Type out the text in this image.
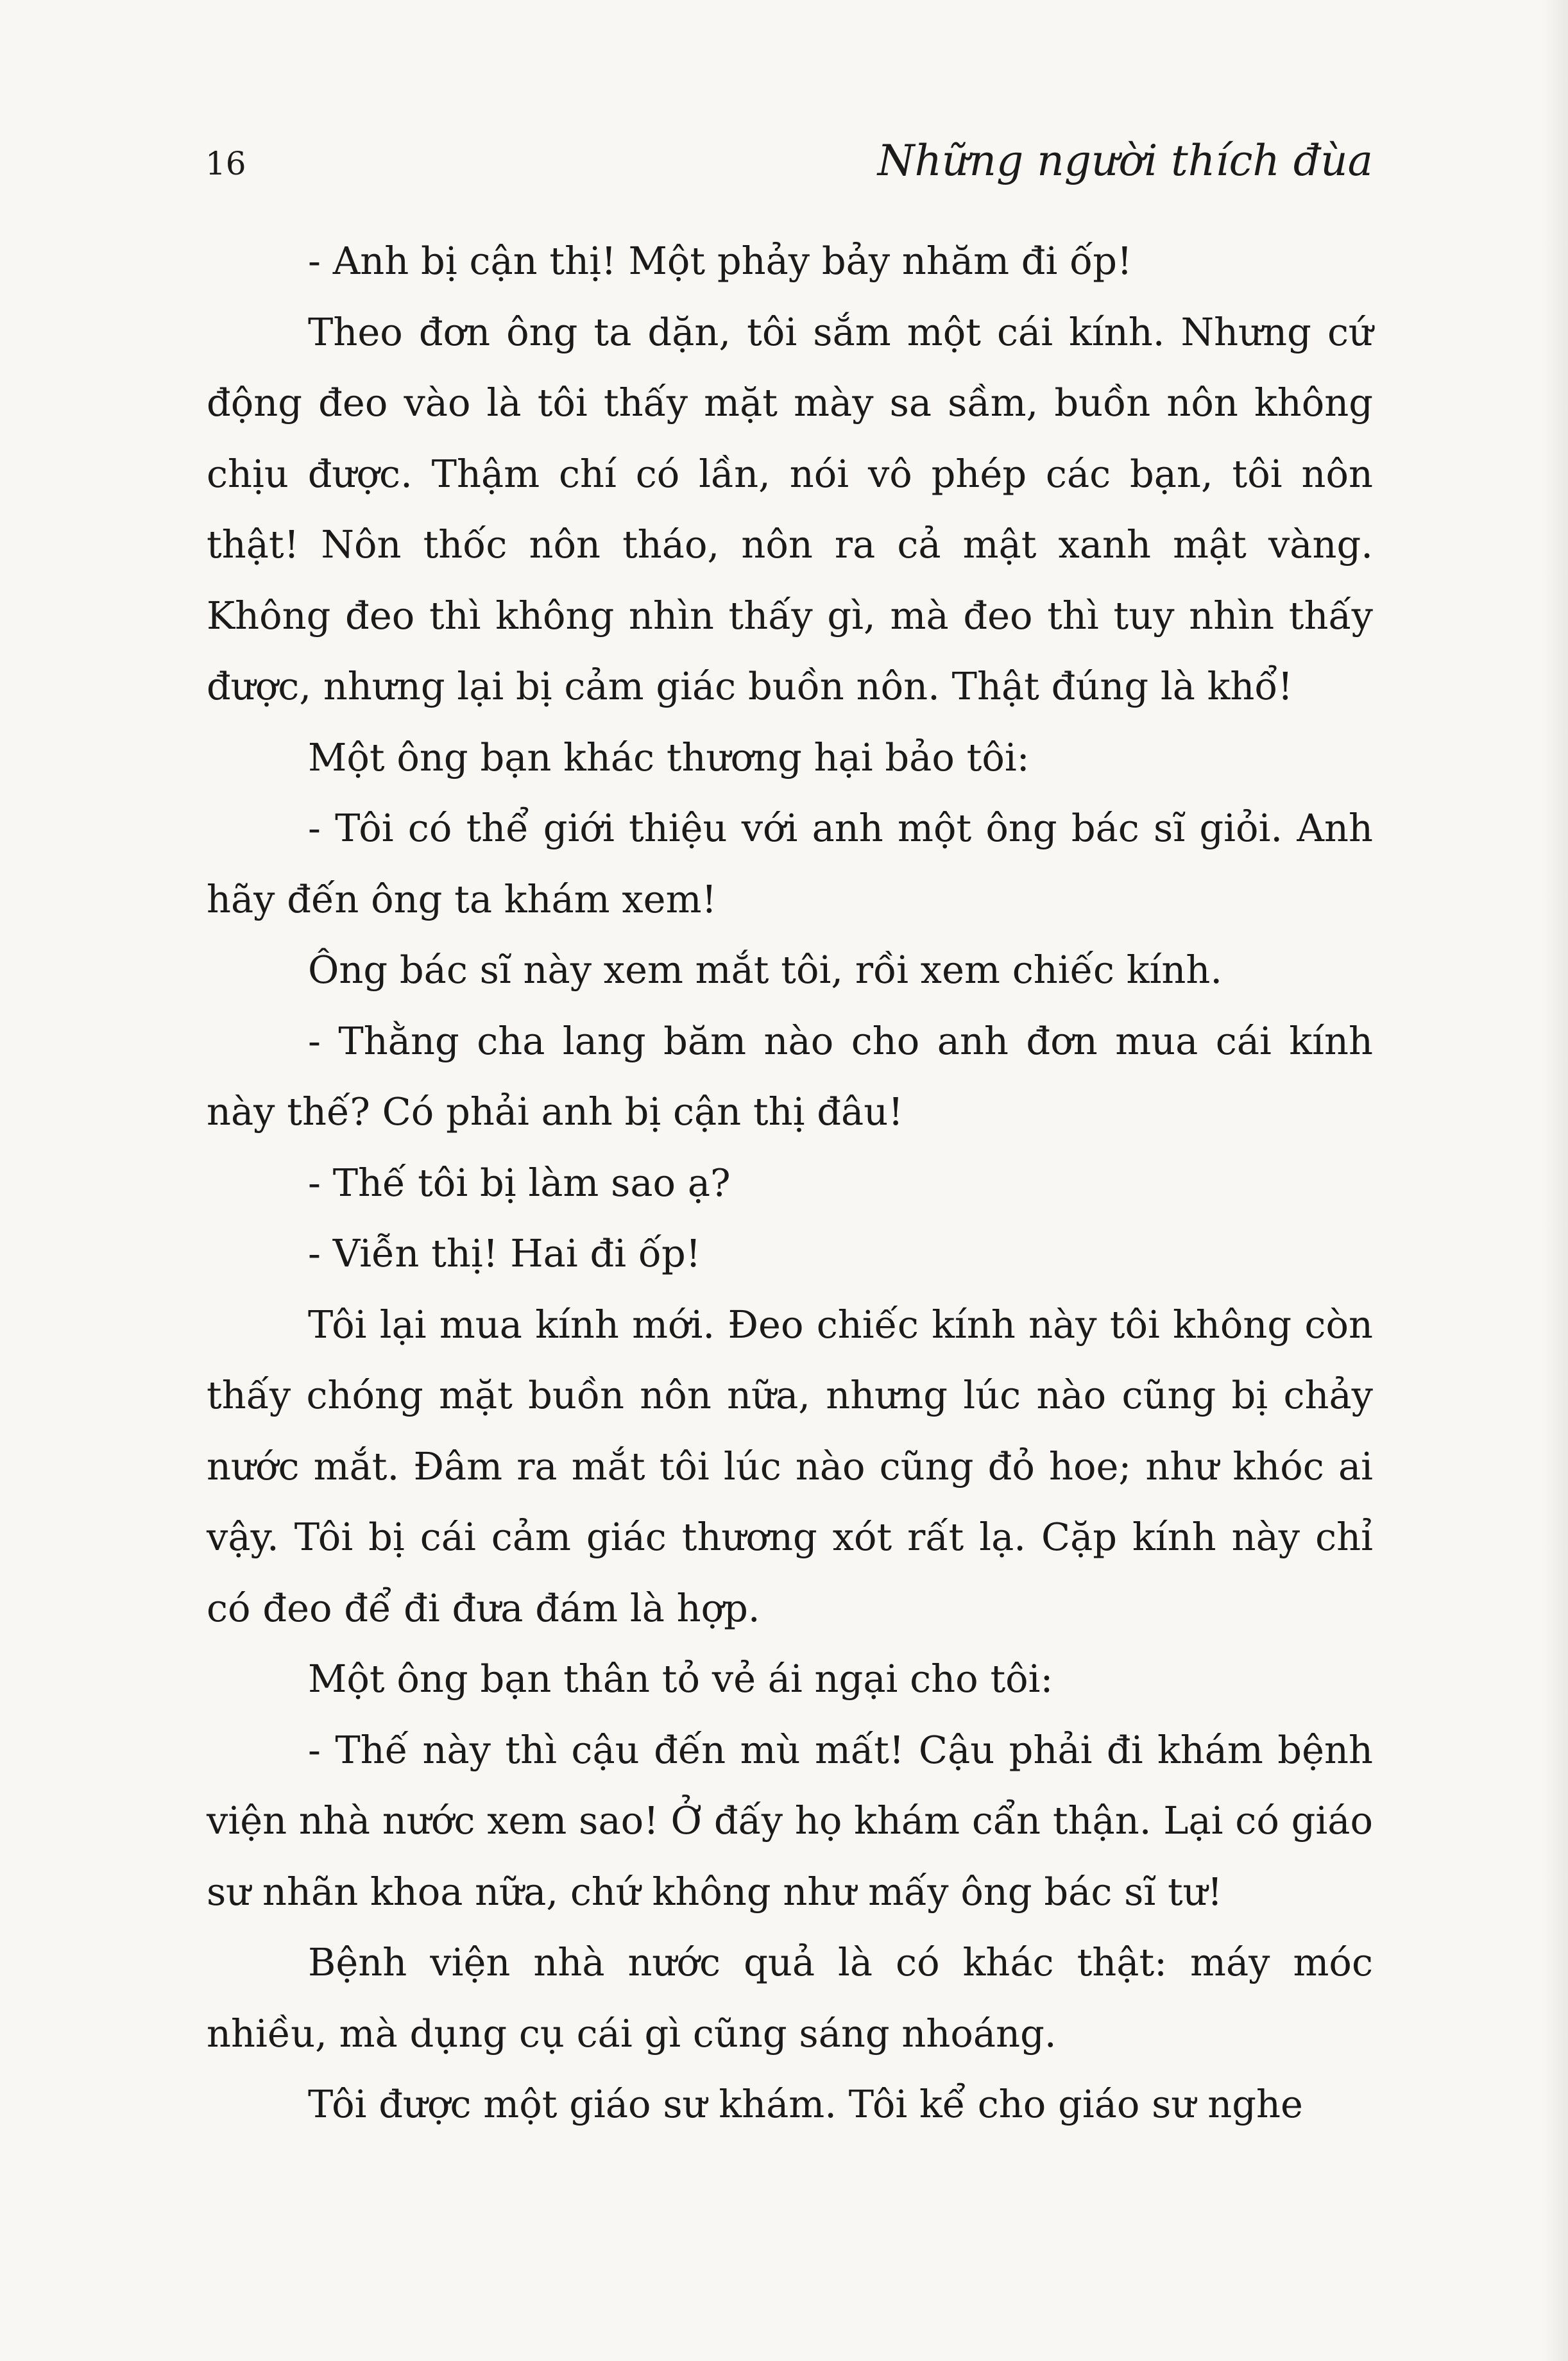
16	Những người thích đùa

- Anh bị cận thị! Một phảy bảy nhăm đi ốp!

Theo đơn ông ta dặn, tôi sắm một cái kính. Nhưng cứ động đeo vào là tôi thấy mặt mày sa sầm, buồn nôn không chịu được. Thậm chí có lần, nói vô phép các bạn, tôi nôn thật! Nôn thốc nôn tháo, nôn ra cả mật xanh mật vàng. Không đeo thì không nhìn thấy gì, mà đeo thì tuy nhìn thấy được, nhưng lại bị cảm giác buồn nôn. Thật đúng là khổ!

Một ông bạn khác thương hại bảo tôi:

- Tôi có thể giới thiệu với anh một ông bác sĩ giỏi. Anh hãy đến ông ta khám xem!

Ông bác sĩ này xem mắt tôi, rồi xem chiếc kính.

- Thằng cha lang băm nào cho anh đơn mua cái kính này thế? Có phải anh bị cận thị đâu!

- Thế tôi bị làm sao ạ?

- Viễn thị! Hai đi ốp!

Tôi lại mua kính mới. Đeo chiếc kính này tôi không còn thấy chóng mặt buồn nôn nữa, nhưng lúc nào cũng bị chảy nước mắt. Đâm ra mắt tôi lúc nào cũng đỏ hoe; như khóc ai vậy. Tôi bị cái cảm giác thương xót rất lạ. Cặp kính này chỉ có đeo để đi đưa đám là hợp.

Một ông bạn thân tỏ vẻ ái ngại cho tôi:

- Thế này thì cậu đến mù mất! Cậu phải đi khám bệnh viện nhà nước xem sao! Ở đấy họ khám cẩn thận. Lại có giáo sư nhãn khoa nữa, chứ không như mấy ông bác sĩ tư!

Bệnh viện nhà nước quả là có khác thật: máy móc nhiều, mà dụng cụ cái gì cũng sáng nhoáng.

Tôi được một giáo sư khám. Tôi kể cho giáo sư nghe
